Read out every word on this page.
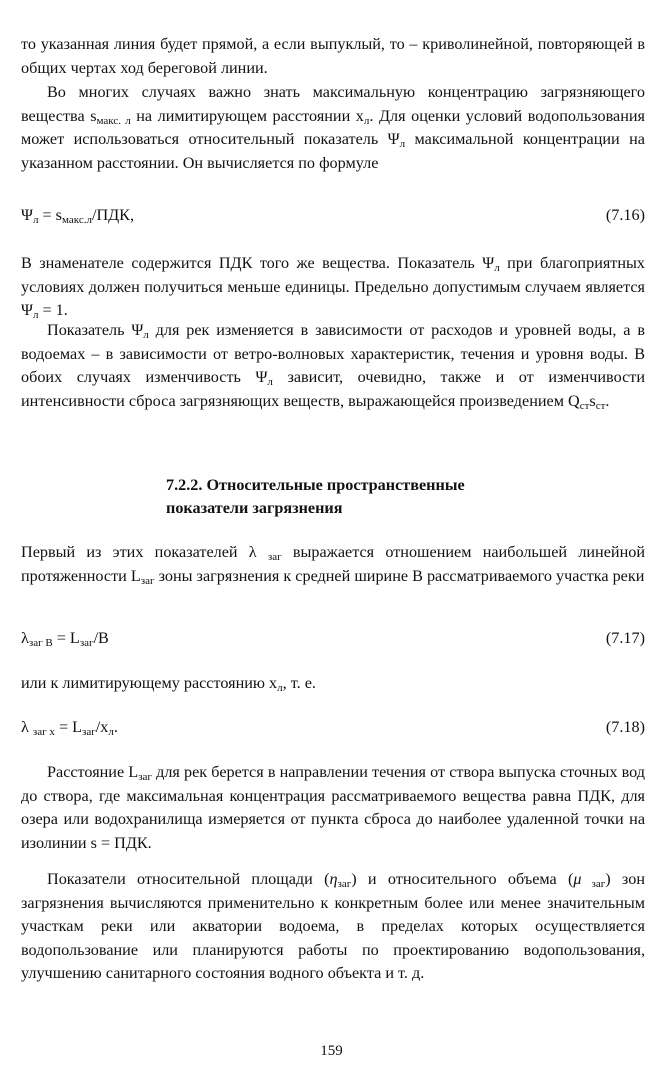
то указанная линия будет прямой, а если выпуклый, то – криволинейной, повторяющей в общих чертах ход береговой линии.

Во многих случаях важно знать максимальную концентрацию загрязняющего вещества $s_{макс. л}$ на лимитирующем расстоянии $x_л$. Для оценки условий водопользования может использоваться относительный показатель $\Psi_л$ максимальной концентрации на указанном расстоянии. Он вычисляется по формуле

$\Psi_л = s_{макс.л}/ПДК$,	(7.16)

В знаменателе содержится ПДК того же вещества. Показатель $\Psi_л$ при благоприятных условиях должен получиться меньше единицы. Предельно допустимым случаем является $\Psi_л = 1$.

Показатель $\Psi_л$ для рек изменяется в зависимости от расходов и уровней воды, а в водоемах – в зависимости от ветро-волновых характеристик, течения и уровня воды. В обоих случаях изменчивость $\Psi_л$ зависит, очевидно, также и от изменчивости интенсивности сброса загрязняющих веществ, выражающейся произведением $Q_{ст}s_{ст}$.

7.2.2. Относительные пространственные
показатели загрязнения

Первый из этих показателей λ $_{заг}$ выражается отношением наибольшей линейной протяженности $L_{заг}$ зоны загрязнения к средней ширине B рассматриваемого участка реки

$\lambda_{заг B} = L_{заг}/B$	(7.17)

или к лимитирующему расстоянию $x_л$, т. е.

λ $_{заг x} = L_{заг}/x_л$.	(7.18)

Расстояние $L_{заг}$ для рек берется в направлении течения от створа выпуска сточных вод до створа, где максимальная концентрация рассматриваемого вещества равна ПДК, для озера или водохранилища измеряется от пункта сброса до наиболее удаленной точки на изолинии s = ПДК.

Показатели относительной площади $(\eta_{заг})$ и относительного объема (μ $_{заг}$) зон загрязнения вычисляются применительно к конкретным более или менее значительным участкам реки или акватории водоема, в пределах которых осуществляется водопользование или планируются работы по проектированию водопользования, улучшению санитарного состояния водного объекта и т. д.

159
